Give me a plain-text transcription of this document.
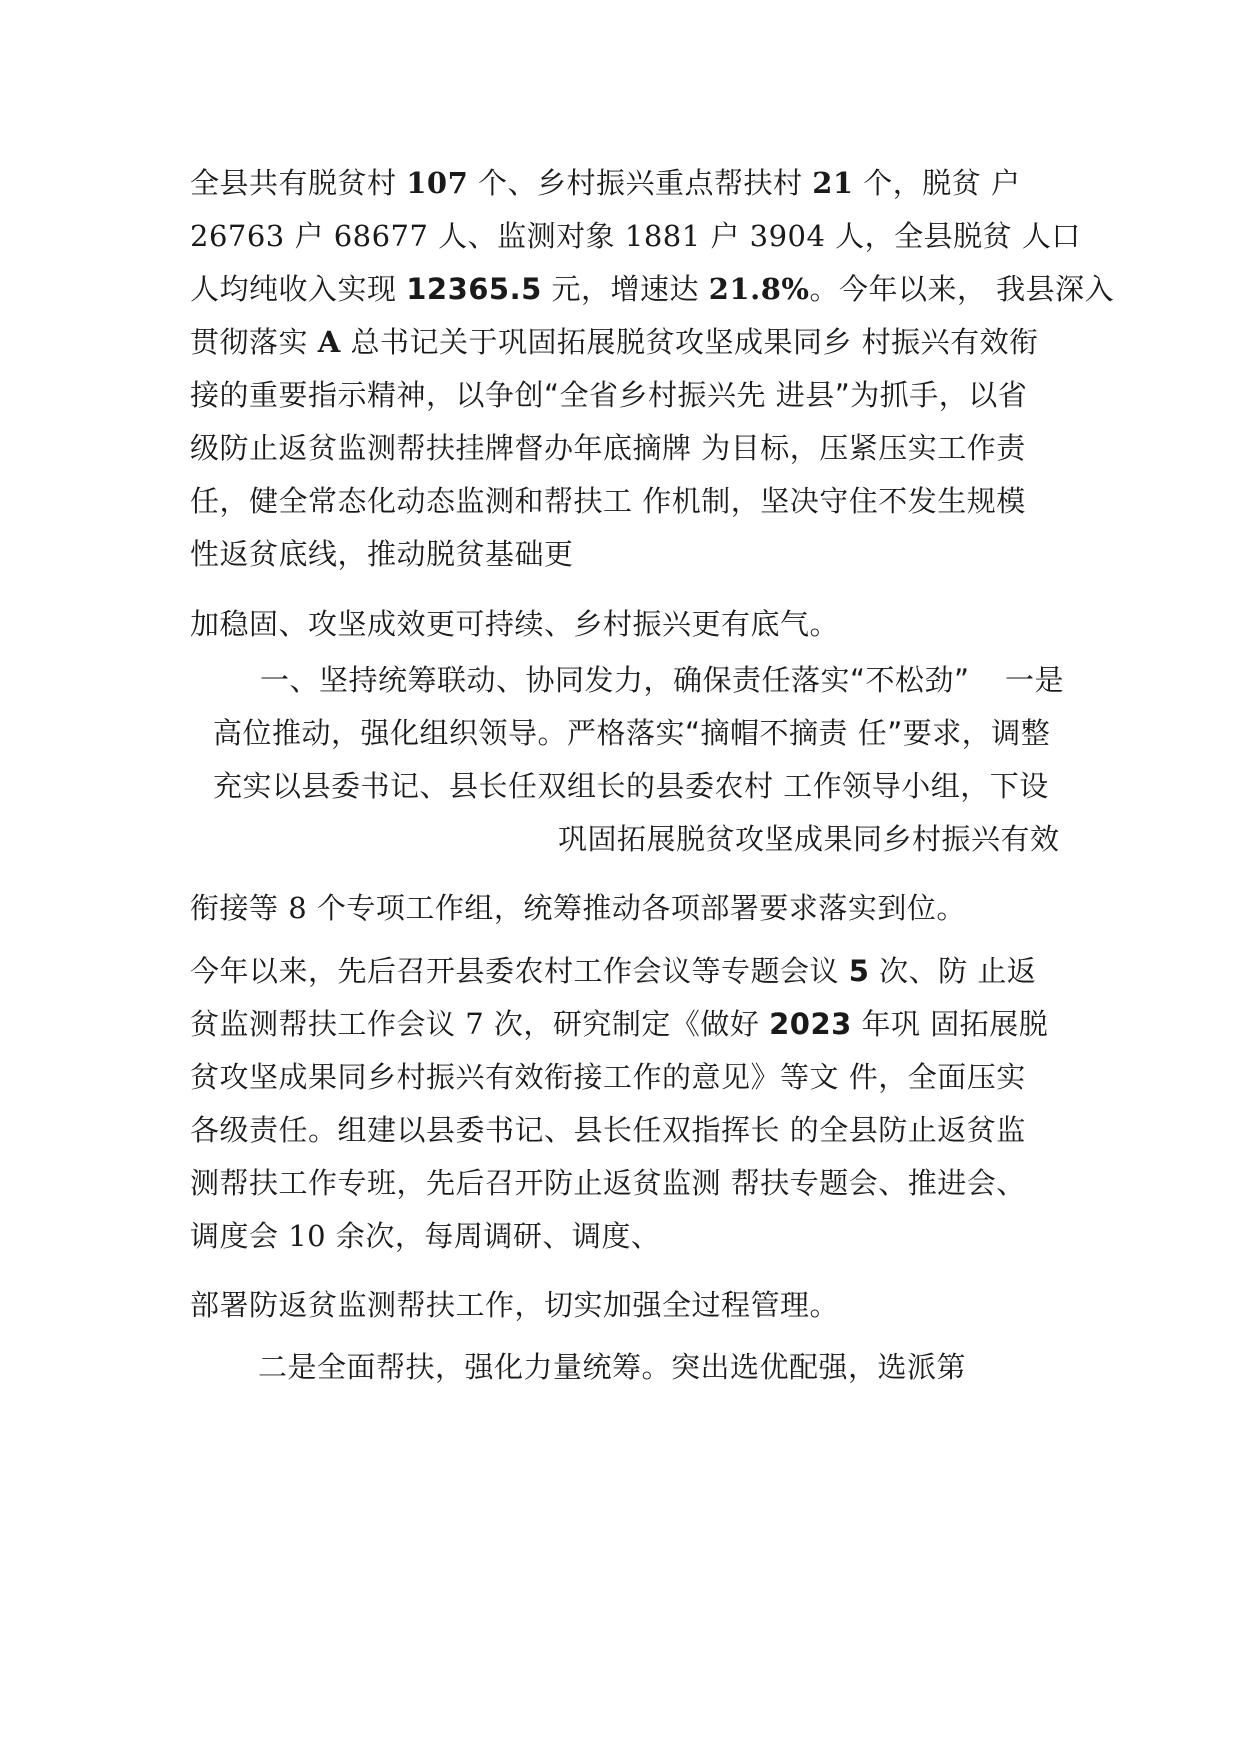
全县共有脱贫村 107 个、乡村振兴重点帮扶村 21 个，脱贫 户
26763 户 68677 人、监测对象 1881 户 3904 人，全县脱贫 人口
人均纯收入实现 12365.5 元，增速达 21.8%。今年以来， 我县深入
贯彻落实 A 总书记关于巩固拓展脱贫攻坚成果同乡 村振兴有效衔
接的重要指示精神，以争创“全省乡村振兴先 进县”为抓手，以省
级防止返贫监测帮扶挂牌督办年底摘牌 为目标，压紧压实工作责
任，健全常态化动态监测和帮扶工 作机制，坚决守住不发生规模
性返贫底线，推动脱贫基础更
加稳固、攻坚成效更可持续、乡村振兴更有底气。
一、坚持统筹联动、协同发力，确保责任落实“不松劲” 一是
高位推动，强化组织领导。严格落实“摘帽不摘责 任”要求，调整
充实以县委书记、县长任双组长的县委农村 工作领导小组，下设
巩固拓展脱贫攻坚成果同乡村振兴有效
衔接等 8 个专项工作组，统筹推动各项部署要求落实到位。
今年以来，先后召开县委农村工作会议等专题会议 5 次、防 止返
贫监测帮扶工作会议 7 次，研究制定《做好 2023 年巩 固拓展脱
贫攻坚成果同乡村振兴有效衔接工作的意见》等文 件，全面压实
各级责任。组建以县委书记、县长任双指挥长 的全县防止返贫监
测帮扶工作专班，先后召开防止返贫监测 帮扶专题会、推进会、
调度会 10 余次，每周调研、调度、
部署防返贫监测帮扶工作，切实加强全过程管理。
二是全面帮扶，强化力量统筹。突出选优配强，选派第
